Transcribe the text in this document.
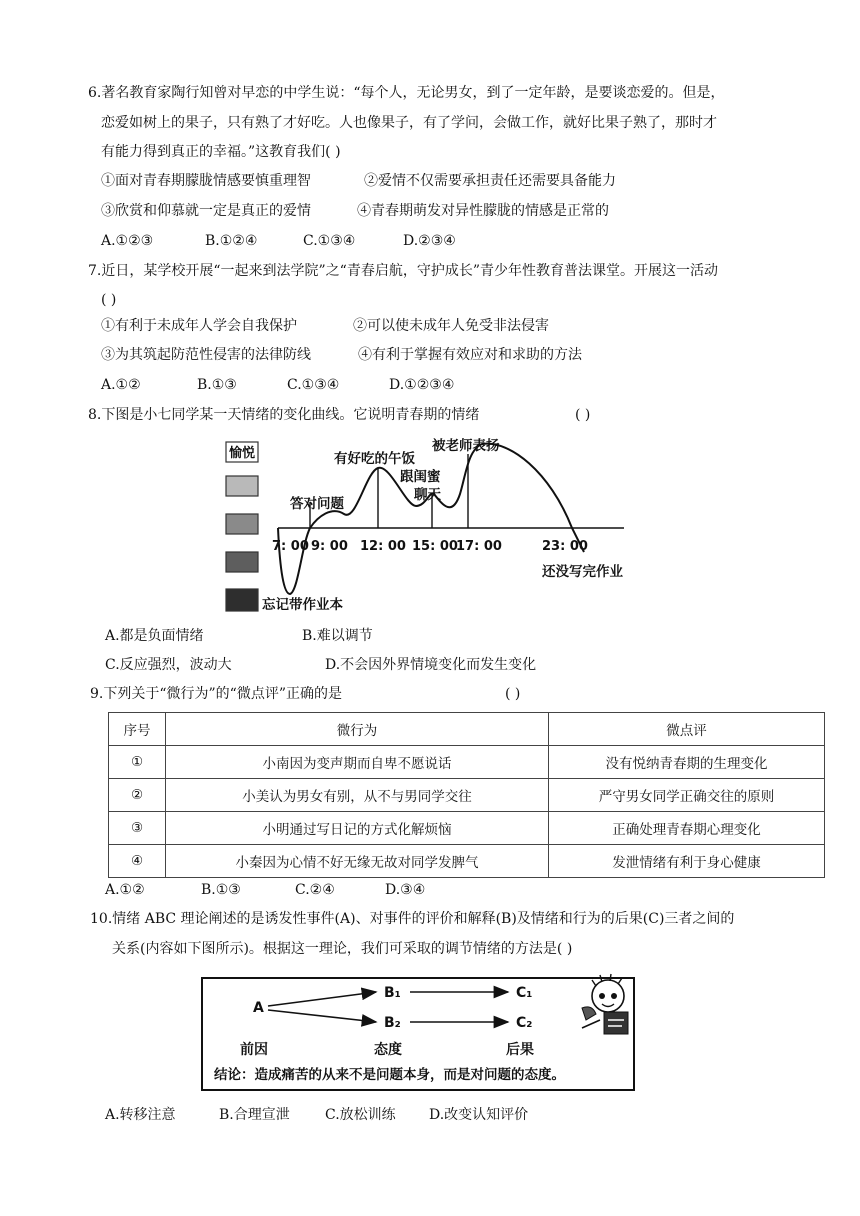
6.著名教育家陶行知曾对早恋的中学生说：“每个人，无论男女，到了一定年龄，是要谈恋爱的。但是，
恋爱如树上的果子，只有熟了才好吃。人也像果子，有了学问，会做工作，就好比果子熟了，那时才
有能力得到真正的幸福。”这教育我们( )
①面对青春期朦胧情感要慎重理智	②爱情不仅需要承担责任还需要具备能力
③欣赏和仰慕就一定是真正的爱情	④青春期萌发对异性朦胧的情感是正常的
A.①②③	B.①②④	C.①③④	D.②③④
7.近日，某学校开展“一起来到法学院”之“青春启航，守护成长”青少年性教育普法课堂。开展这一活动
( )
①有利于未成年人学会自我保护	②可以使未成年人免受非法侵害
③为其筑起防范性侵害的法律防线	④有利于掌握有效应对和求助的方法
A.①②	B.①③	C.①③④	D.①②③④
8.下图是小七同学某一天情绪的变化曲线。它说明青春期的情绪	( )
愉悦
7: 00 9: 00 12: 00 15: 00
17: 00	23: 00
答对问题
有好吃的午饭
跟闺蜜
聊天
被老师表扬
忘记带作业本
还没写完作业
A.都是负面情绪	B.难以调节
C.反应强烈，波动大	D.不会因外界情境变化而发生变化
9.下列关于“微行为”的“微点评”正确的是	( )
序号	微行为	微点评
①	小南因为变声期而自卑不愿说话	没有悦纳青春期的生理变化
②	小美认为男女有别，从不与男同学交往	严守男女同学正确交往的原则
③	小明通过写日记的方式化解烦恼	正确处理青春期心理变化
④	小秦因为心情不好无缘无故对同学发脾气	发泄情绪有利于身心健康
A.①②	B.①③	C.②④	D.③④
10.情绪 ABC 理论阐述的是诱发性事件(A)、对事件的评价和解释(B)及情绪和行为的后果(C)三者之间的
关系(内容如下图所示)。根据这一理论，我们可采取的调节情绪的方法是( )
A
B₁
B₂
C₁
C₂
前因	态度	后果
结论：造成痛苦的从来不是问题本身，而是对问题的态度。
A.转移注意	B.合理宣泄	C.放松训练 D.改变认知评价
